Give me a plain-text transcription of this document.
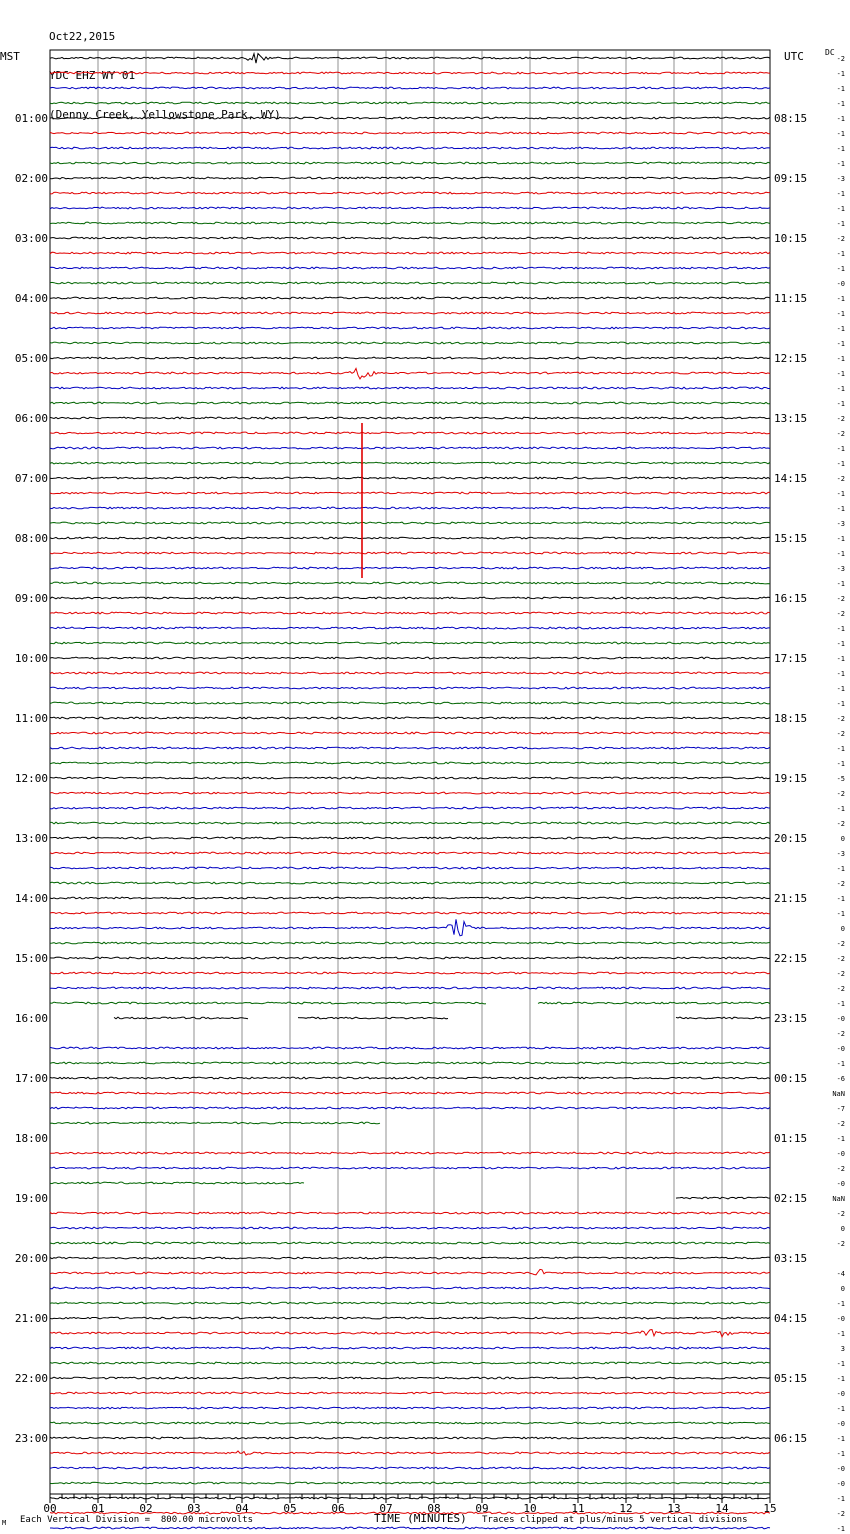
Oct22,2015

YDC EHZ WY 01

(Denny Creek, Yellowstone Park, WY)

MST	UTC	DC
-2
-1
-1
-1
-1
-1
-1
-1
-3
-1
-1
-1
-2
-1
-1
-0
-1
-1
-1
-1
-1
-1
-1
-1
-2
-2
-1
-1
-2
-1
-1
-3
-1
-1
-3
-1
-2
-2
-1
-1
-1
-1
-1
-1
-2
-2
-1
-1
-5
-2
-1
-2
0
-3
-1
-2
-1
-1
0
-2
-2
-2
-2
-1
-0
-2
-0
-1
-6
NaN
-7
-2
-1
-0
-2
-0
NaN
-2
0
-2
-4
0
-1
-0
-1
3
-1
-1
-0
-1
-0
-1
-1
-0
-0
-1
-2
-1
01:00
02:00
03:00
04:00
05:00
06:00
07:00
08:00
09:00
10:00
11:00
12:00
13:00
14:00
15:00
16:00
17:00
18:00
19:00
20:00
21:00
22:00
23:00
08:15
09:15
10:15
11:15
12:15
13:15
14:15
15:15
16:15
17:15
18:15
19:15
20:15
21:15
22:15
23:15
00:15
01:15
02:15
03:15
04:15
05:15
06:15
00	01	02	03	04	05	06	07	08	09	10	11	12	13	14	15
M Each Vertical Division =  800.00 microvolts	TIME (MINUTES) Traces clipped at plus/minus 5 vertical divisions
